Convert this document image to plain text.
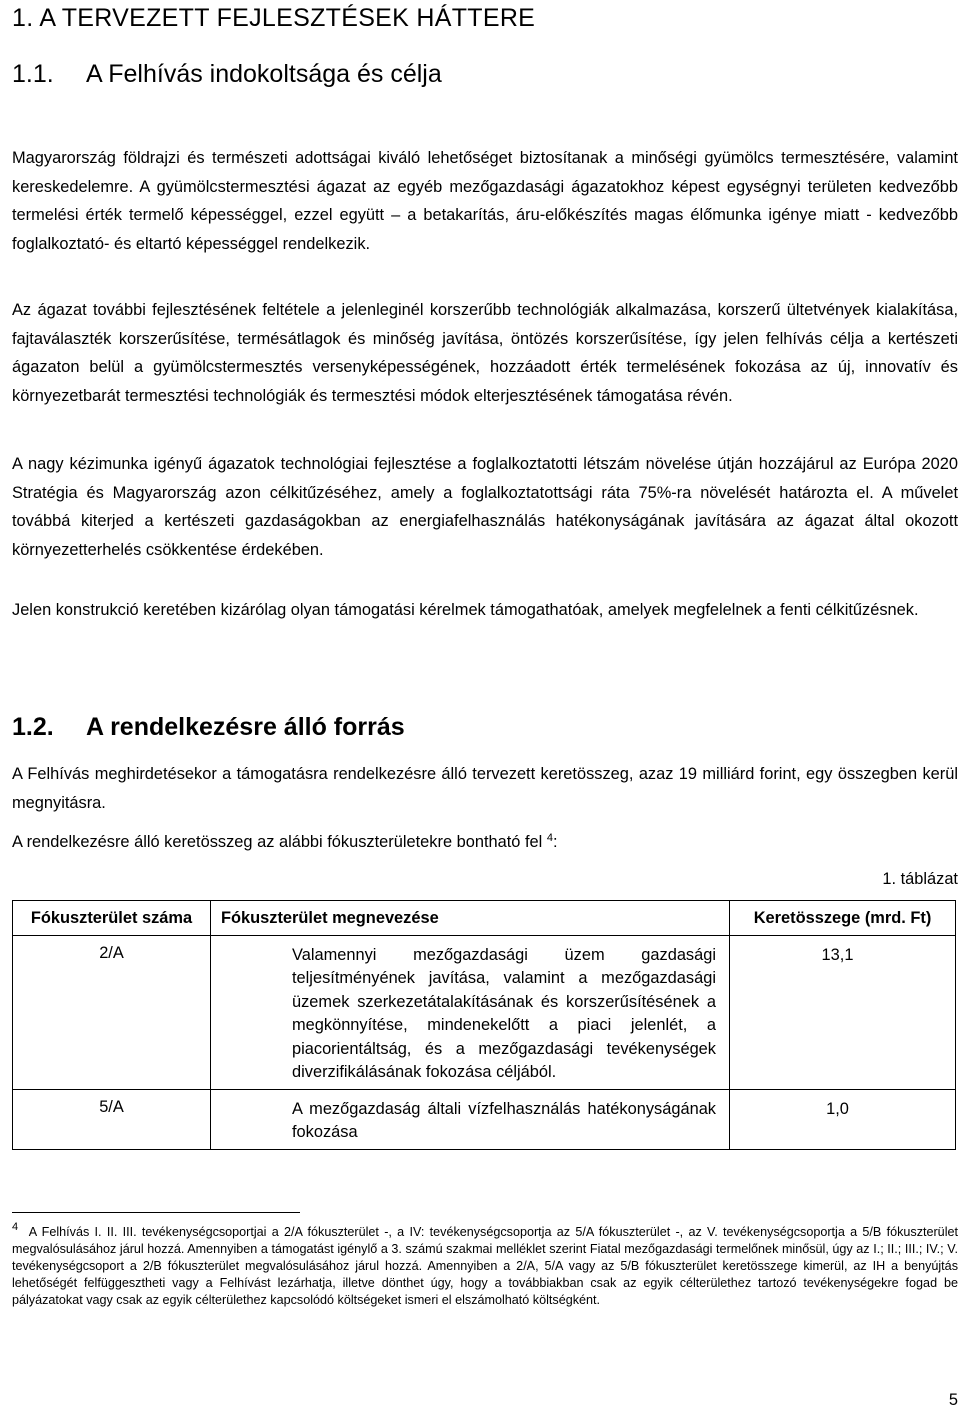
1. A TERVEZETT FEJLESZTÉSEK HÁTTERE
1.1. A Felhívás indokoltsága és célja

Magyarország földrajzi és természeti adottságai kiváló lehetőséget biztosítanak a minőségi gyümölcs termesztésére, valamint kereskedelemre. A gyümölcstermesztési ágazat az egyéb mezőgazdasági ágazatokhoz képest egységnyi területen kedvezőbb termelési érték termelő képességgel, ezzel együtt – a betakarítás, áru-előkészítés magas élőmunka igénye miatt - kedvezőbb foglalkoztató- és eltartó képességgel rendelkezik.

Az ágazat további fejlesztésének feltétele a jelenleginél korszerűbb technológiák alkalmazása, korszerű ültetvények kialakítása, fajtaválaszték korszerűsítése, termésátlagok és minőség javítása, öntözés korszerűsítése, így jelen felhívás célja a kertészeti ágazaton belül a gyümölcstermesztés versenyképességének, hozzáadott érték termelésének fokozása az új, innovatív és környezetbarát termesztési technológiák és termesztési módok elterjesztésének támogatása révén.

A nagy kézimunka igényű ágazatok technológiai fejlesztése a foglalkoztatotti létszám növelése útján hozzájárul az Európa 2020 Stratégia és Magyarország azon célkitűzéséhez, amely a foglalkoztatottsági ráta 75%-ra növelését határozta el. A művelet továbbá kiterjed a kertészeti gazdaságokban az energiafelhasználás hatékonyságának javítására az ágazat által okozott környezetterhelés csökkentése érdekében.

Jelen konstrukció keretében kizárólag olyan támogatási kérelmek támogathatóak, amelyek megfelelnek a fenti célkitűzésnek.

1.2. A rendelkezésre álló forrás

A Felhívás meghirdetésekor a támogatásra rendelkezésre álló tervezett keretösszeg, azaz 19 milliárd forint, egy összegben kerül megnyitásra.

A rendelkezésre álló keretösszeg az alábbi fókuszterületekre bontható fel $^4$:

1. táblázat
Fókuszterület száma	Fókuszterület megnevezése	Keretösszege (mrd. Ft)
2/A	Valamennyi mezőgazdasági üzem gazdasági teljesítményének javítása, valamint a mezőgazdasági üzemek szerkezetátalakításának és korszerűsítésének a megkönnyítése, mindenekelőtt a piaci jelenlét, a piacorientáltság, és a mezőgazdasági tevékenységek diverzifikálásának fokozása céljából.	13,1
5/A	A mezőgazdaság általi vízfelhasználás hatékonyságának fokozása	1,0
$^4$ A Felhívás I. II. III. tevékenységcsoportjai a 2/A fókuszterület -, a IV: tevékenységcsoportja az 5/A fókuszterület -, az V. tevékenységcsoportja a 5/B fókuszterület megvalósulásához járul hozzá. Amennyiben a támogatást igénylő a 3. számú szakmai melléklet szerint Fiatal mezőgazdasági termelőnek minősül, úgy az I.; II.; III.; IV.; V. tevékenységcsoport a 2/B fókuszterület megvalósulásához járul hozzá. Amennyiben a 2/A, 5/A vagy az 5/B fókuszterület keretösszege kimerül, az IH a benyújtás lehetőségét felfüggesztheti vagy a Felhívást lezárhatja, illetve dönthet úgy, hogy a továbbiakban csak az egyik célterülethez tartozó tevékenységekre fogad be pályázatokat vagy csak az egyik célterülethez kapcsolódó költségeket ismeri el elszámolható költségként.
5
